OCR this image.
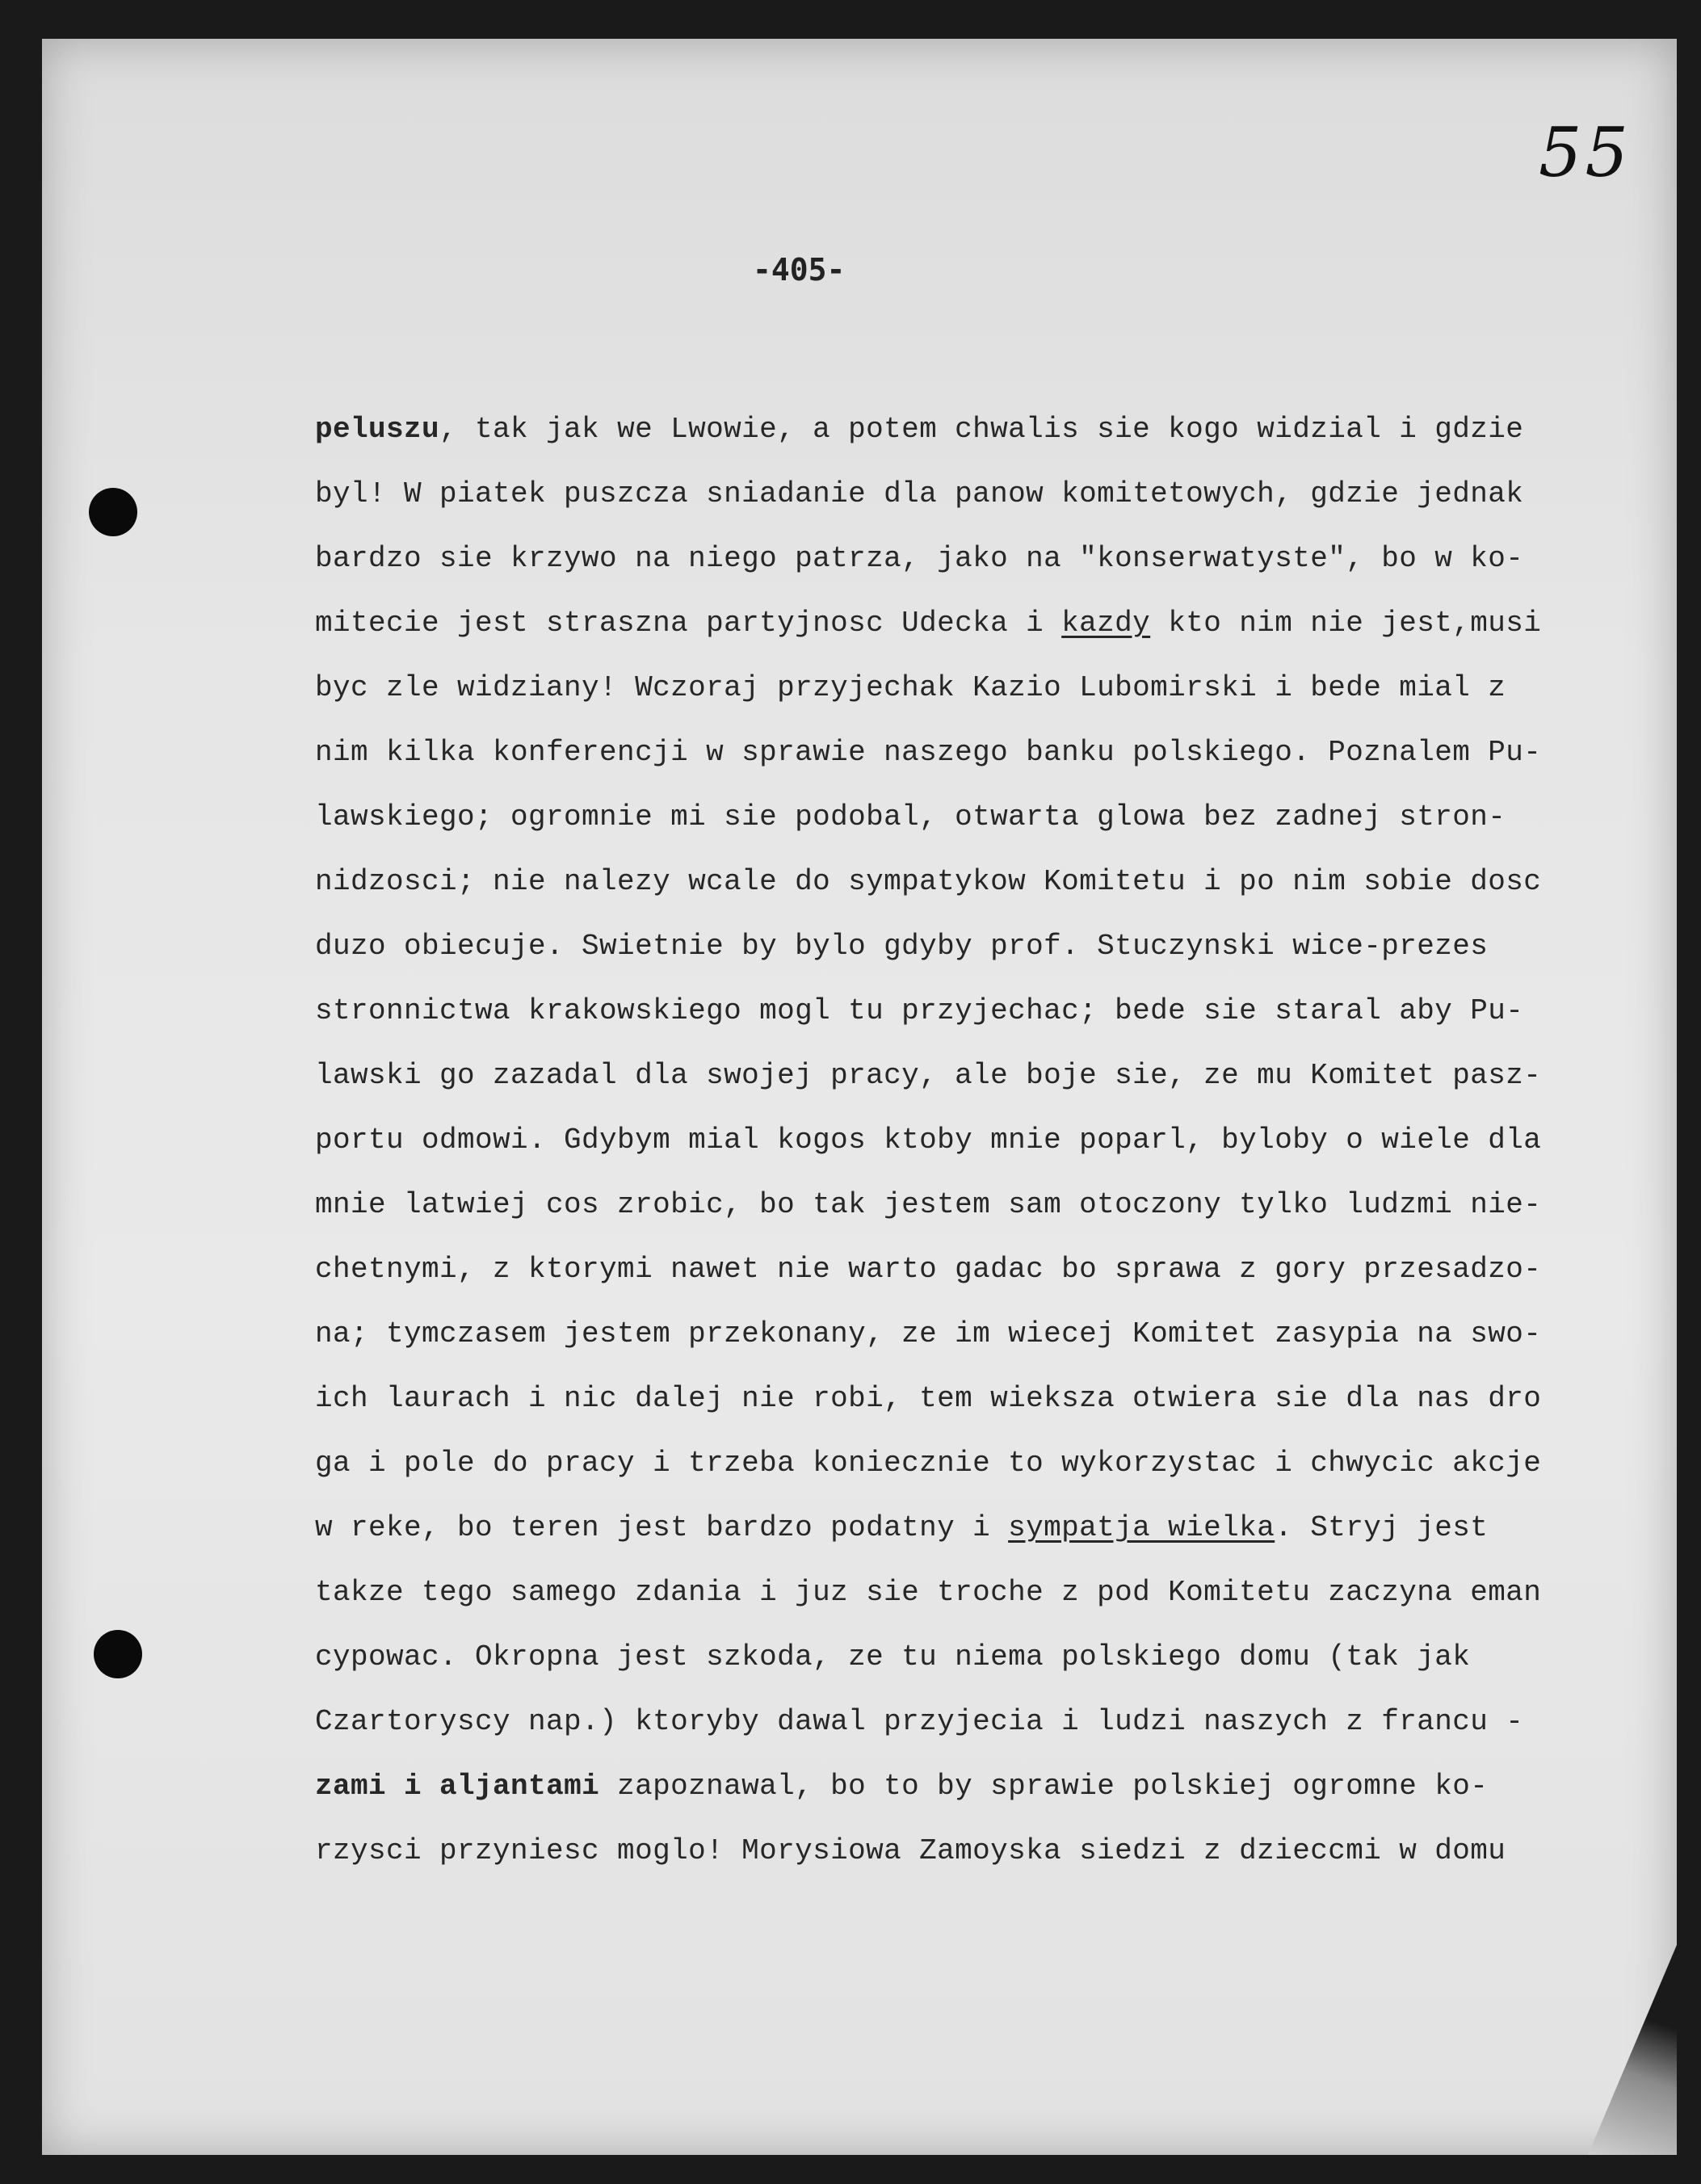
55
-405-
peluszu, tak jak we Lwowie, a potem chwalis sie kogo widzial i gdzie
byl! W piatek puszcza sniadanie dla panow komitetowych, gdzie jednak
bardzo sie krzywo na niego patrza, jako na "konserwatyste", bo w ko-
mitecie jest straszna partyjnosc Udecka i kazdy kto nim nie jest,musi
byc zle widziany! Wczoraj przyjechak Kazio Lubomirski i bede mial z
nim kilka konferencji w sprawie naszego banku polskiego. Poznalem Pu-
lawskiego; ogromnie mi sie podobal, otwarta glowa bez zadnej stron-
nidzosci; nie nalezy wcale do sympatykow Komitetu i po nim sobie dosc
duzo obiecuje. Swietnie by bylo gdyby prof. Stuczynski wice-prezes
stronnictwa krakowskiego mogl tu przyjechac; bede sie staral aby Pu-
lawski go zazadal dla swojej pracy, ale boje sie, ze mu Komitet pasz-
portu odmowi. Gdybym mial kogos ktoby mnie poparl, byloby o wiele dla
mnie latwiej cos zrobic, bo tak jestem sam otoczony tylko ludzmi nie-
chetnymi, z ktorymi nawet nie warto gadac bo sprawa z gory przesadzo-
na; tymczasem jestem przekonany, ze im wiecej Komitet zasypia na swo-
ich laurach i nic dalej nie robi, tem wieksza otwiera sie dla nas dro
ga i pole do pracy i trzeba koniecznie to wykorzystac i chwycic akcje
w reke, bo teren jest bardzo podatny i sympatja wielka. Stryj jest
takze tego samego zdania i juz sie troche z pod Komitetu zaczyna eman
cypowac. Okropna jest szkoda, ze tu niema polskiego domu (tak jak
Czartoryscy nap.) ktoryby dawal przyjecia i ludzi naszych z francu -
zami i aljantami zapoznawal, bo to by sprawie polskiej ogromne ko-
rzysci przyniesc moglo! Morysiowa Zamoyska siedzi z dzieccmi w domu
